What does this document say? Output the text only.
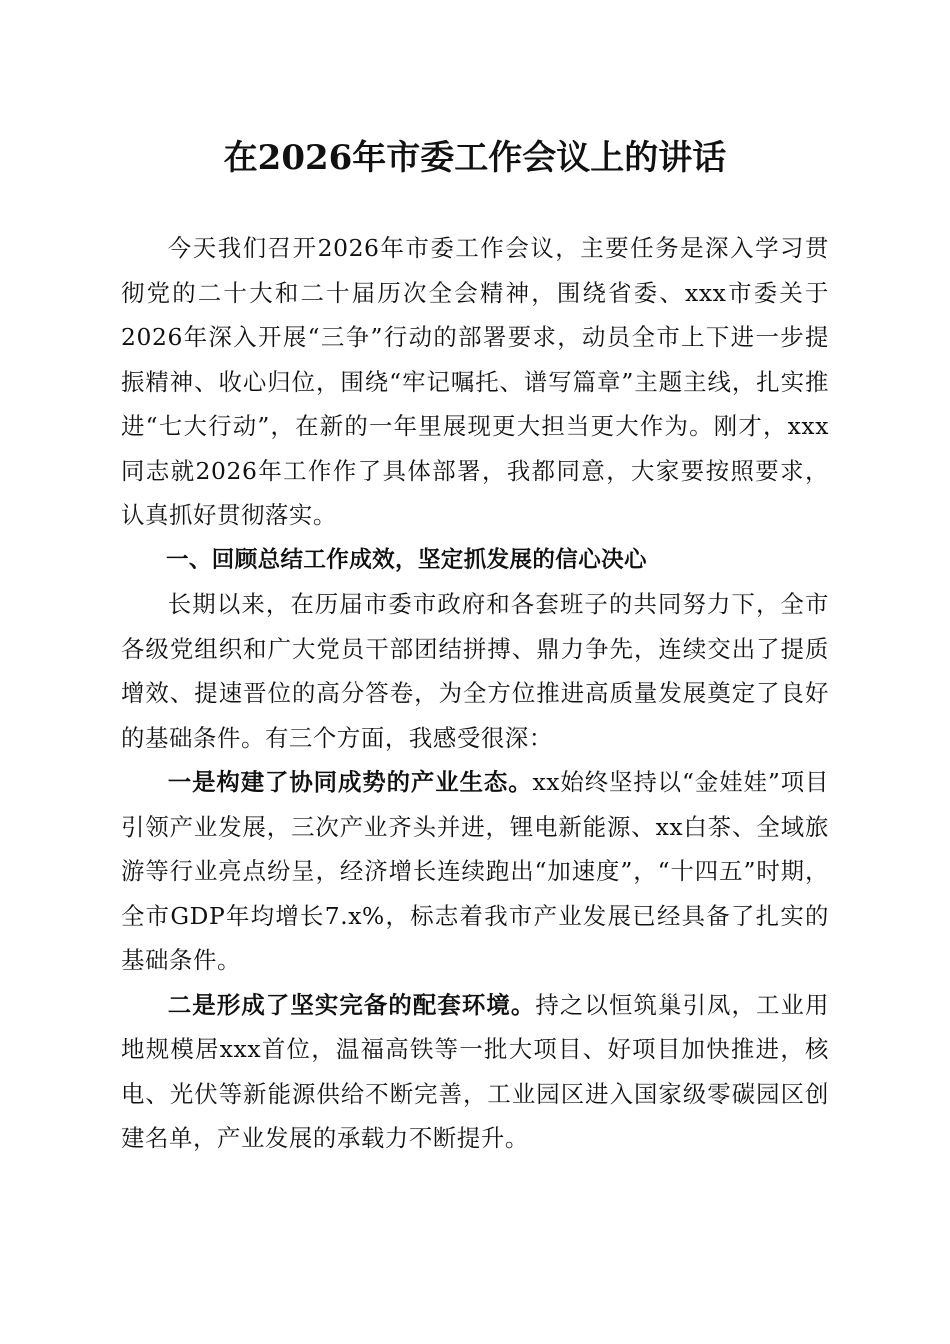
在2026年市委工作会议上的讲话

今天我们召开2026年市委工作会议，主要任务是深入学习贯彻党的二十大和二十届历次全会精神，围绕省委、xxx市委关于2026年深入开展“三争”行动的部署要求，动员全市上下进一步提振精神、收心归位，围绕“牢记嘱托、谱写篇章”主题主线，扎实推进“七大行动”，在新的一年里展现更大担当更大作为。刚才，xxx同志就2026年工作作了具体部署，我都同意，大家要按照要求，认真抓好贯彻落实。

一、回顾总结工作成效，坚定抓发展的信心决心

长期以来，在历届市委市政府和各套班子的共同努力下，全市各级党组织和广大党员干部团结拼搏、鼎力争先，连续交出了提质增效、提速晋位的高分答卷，为全方位推进高质量发展奠定了良好的基础条件。有三个方面，我感受很深：

一是构建了协同成势的产业生态。xx始终坚持以“金娃娃”项目引领产业发展，三次产业齐头并进，锂电新能源、xx白茶、全域旅游等行业亮点纷呈，经济增长连续跑出“加速度”，“十四五”时期，全市GDP年均增长7.x%，标志着我市产业发展已经具备了扎实的基础条件。

二是形成了坚实完备的配套环境。持之以恒筑巢引凤，工业用地规模居xxx首位，温福高铁等一批大项目、好项目加快推进，核电、光伏等新能源供给不断完善，工业园区进入国家级零碳园区创建名单，产业发展的承载力不断提升。
